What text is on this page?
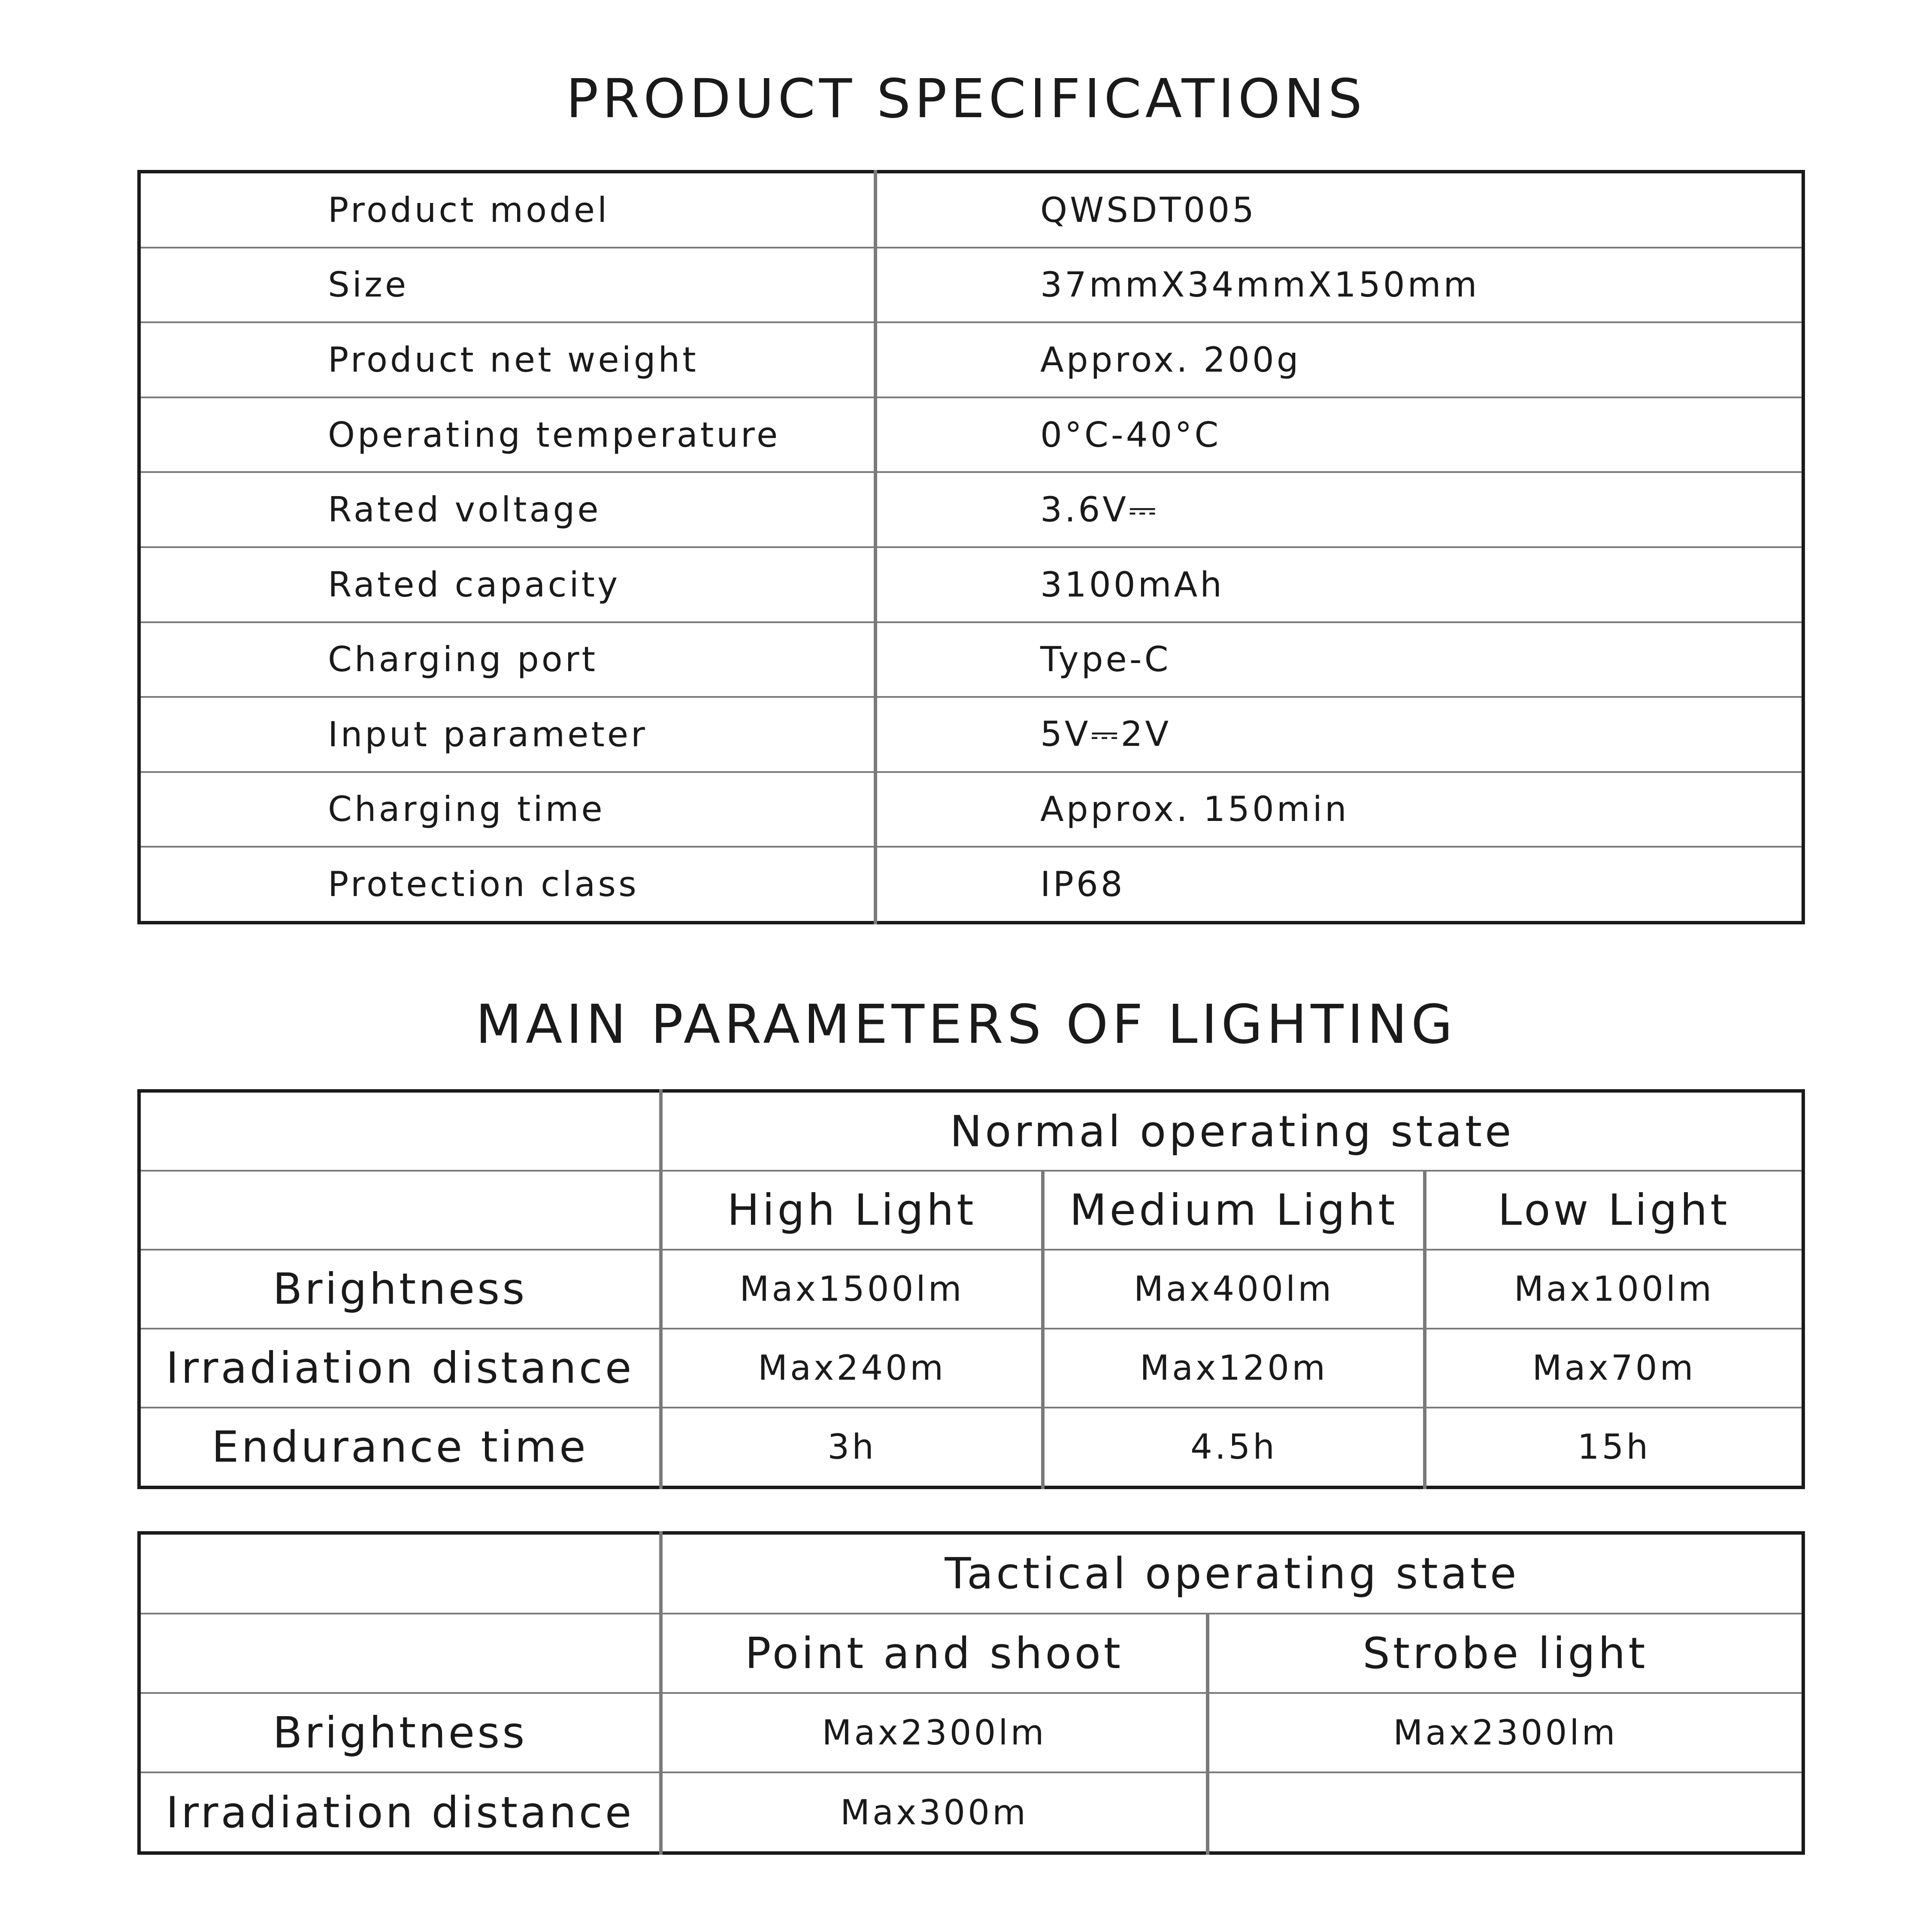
PRODUCT SPECIFICATIONS
Product model	QWSDT005
Size	37mmX34mmX150mm
Product net weight	Approx. 200g
Operating temperature	0°C-40°C
Rated voltage	3.6V⎓
Rated capacity	3100mAh
Charging port	Type-C
Input parameter	5V⎓2V
Charging time	Approx. 150min
Protection class	IP68
MAIN PARAMETERS OF LIGHTING
	Normal operating state		
	High Light	Medium Light	Low Light
Brightness	Max1500lm	Max400lm	Max100lm
Irradiation distance	Max240m	Max120m	Max70m
Endurance time	3h	4.5h	15h
	Tactical operating state	
	Point and shoot	Strobe light
Brightness	Max2300lm	Max2300lm
Irradiation distance	Max300m	
